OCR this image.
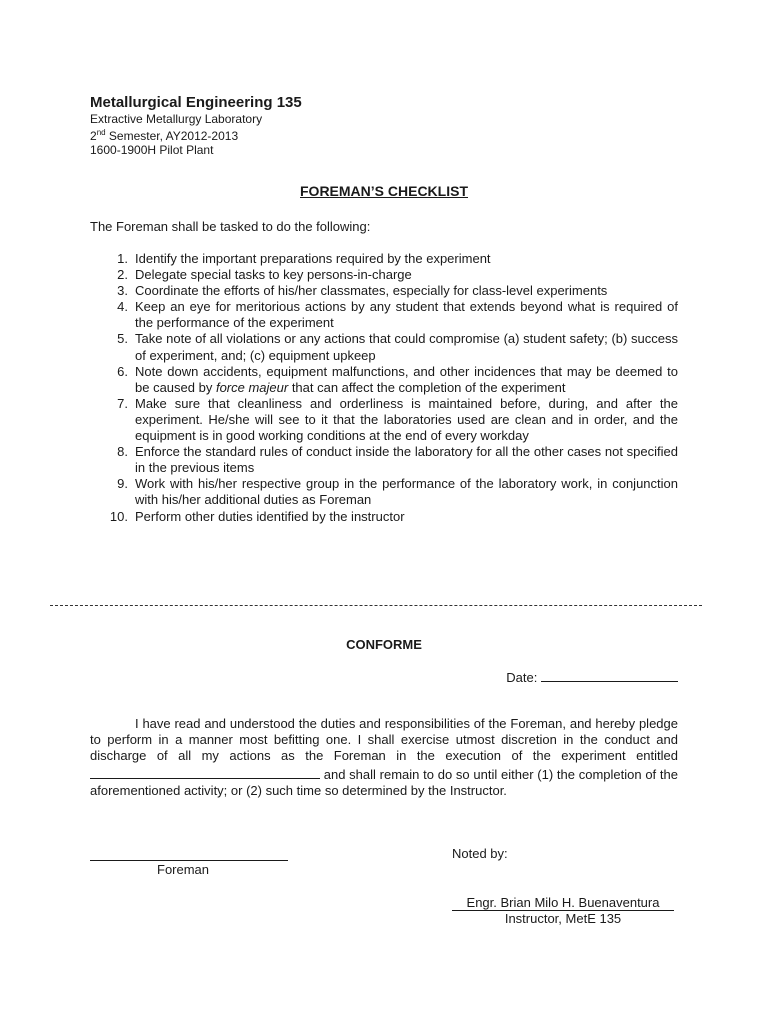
Metallurgical Engineering 135
Extractive Metallurgy Laboratory
2nd Semester, AY2012-2013
1600-1900H Pilot Plant
FOREMAN’S CHECKLIST
The Foreman shall be tasked to do the following:
1. Identify the important preparations required by the experiment
2. Delegate special tasks to key persons-in-charge
3. Coordinate the efforts of his/her classmates, especially for class-level experiments
4. Keep an eye for meritorious actions by any student that extends beyond what is required of the performance of the experiment
5. Take note of all violations or any actions that could compromise (a) student safety; (b) success of experiment, and; (c) equipment upkeep
6. Note down accidents, equipment malfunctions, and other incidences that may be deemed to be caused by force majeur that can affect the completion of the experiment
7. Make sure that cleanliness and orderliness is maintained before, during, and after the experiment. He/she will see to it that the laboratories used are clean and in order, and the equipment is in good working conditions at the end of every workday
8. Enforce the standard rules of conduct inside the laboratory for all the other cases not specified in the previous items
9. Work with his/her respective group in the performance of the laboratory work, in conjunction with his/her additional duties as Foreman
10. Perform other duties identified by the instructor
CONFORME
Date:
I have read and understood the duties and responsibilities of the Foreman, and hereby pledge to perform in a manner most befitting one. I shall exercise utmost discretion in the conduct and discharge of all my actions as the Foreman in the execution of the experiment entitled  and shall remain to do so until either (1) the completion of the aforementioned activity; or (2) such time so determined by the Instructor.
Foreman
Noted by:
Engr. Brian Milo H. Buenaventura
Instructor, MetE 135
